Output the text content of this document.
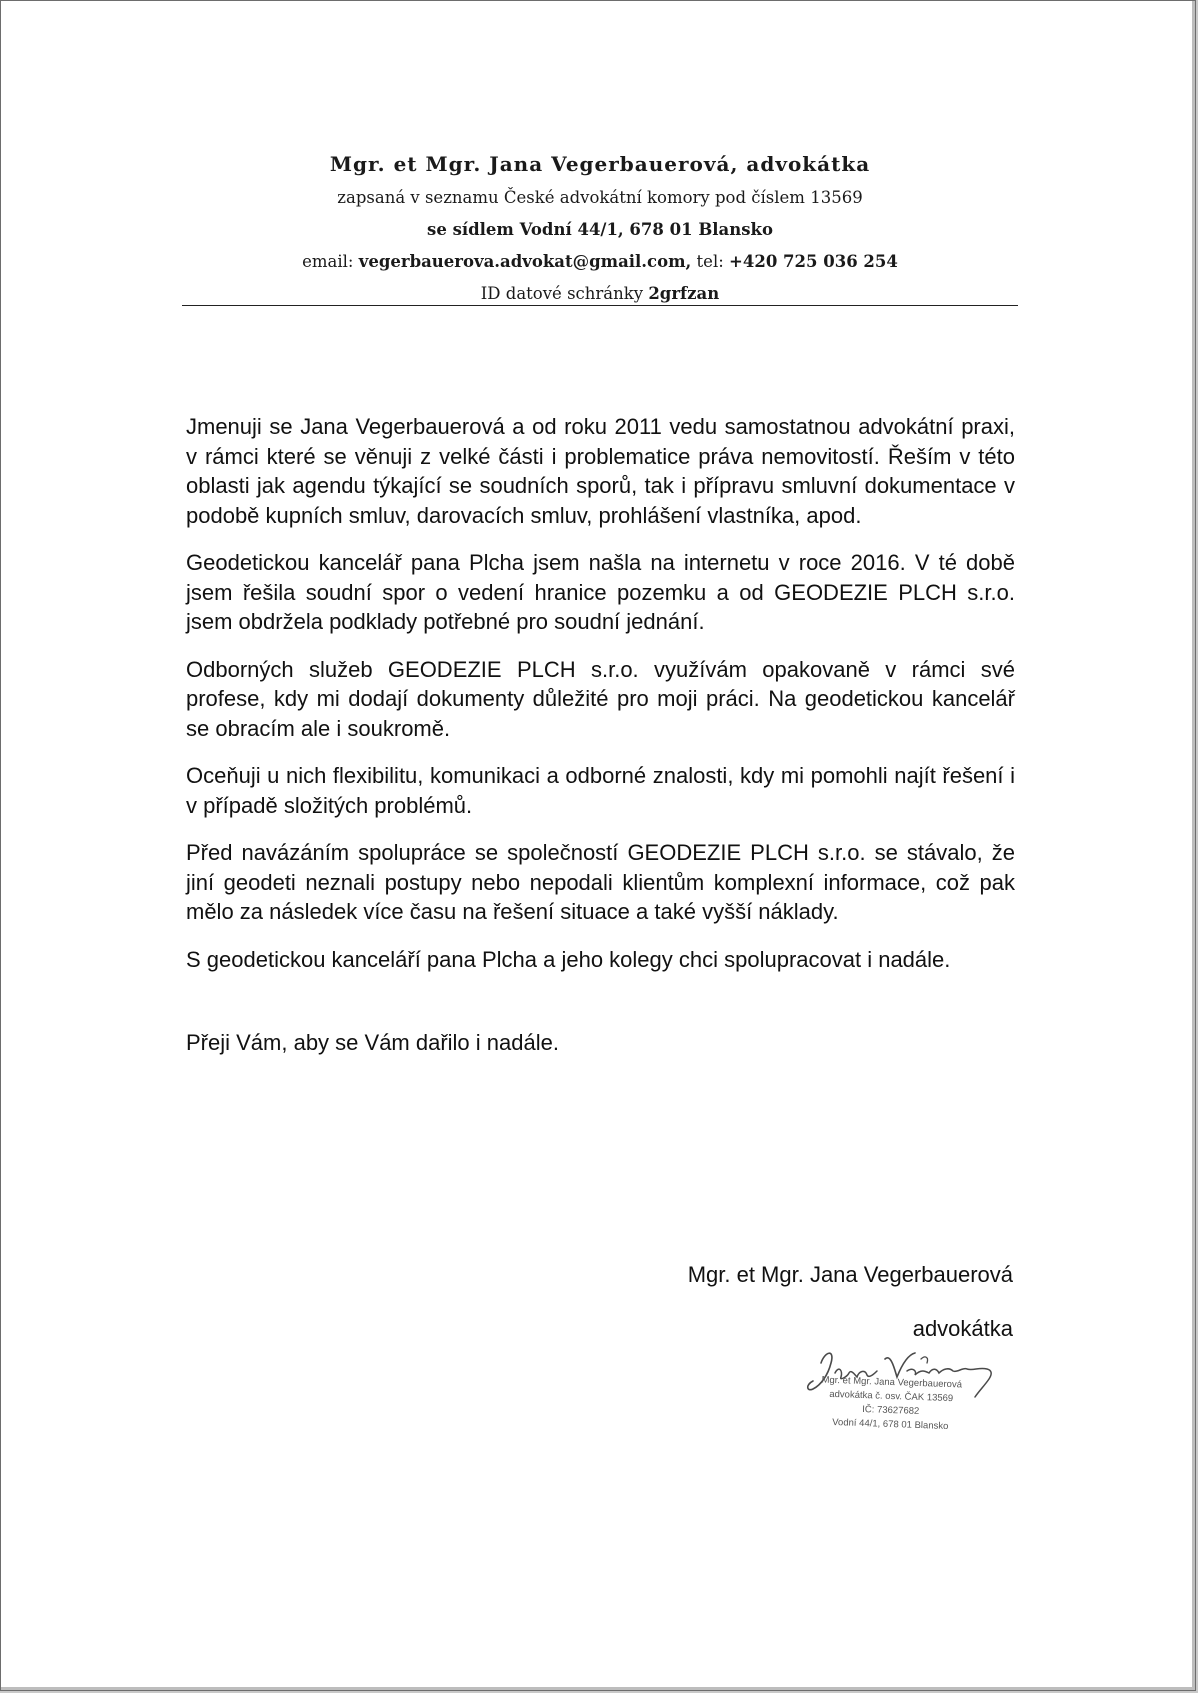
Mgr. et Mgr. Jana Vegerbauerová, advokátka
zapsaná v seznamu České advokátní komory pod číslem 13569
se sídlem Vodní 44/1, 678 01 Blansko
email: vegerbauerova.advokat@gmail.com, tel: +420 725 036 254
ID datové schránky 2grfzan

Jmenuji se Jana Vegerbauerová a od roku 2011 vedu samostatnou advokátní praxi, v rámci které se věnuji z velké části i problematice práva nemovitostí. Řeším v této oblasti jak agendu týkající se soudních sporů, tak i přípravu smluvní dokumentace v podobě kupních smluv, darovacích smluv, prohlášení vlastníka, apod.

Geodetickou kancelář pana Plcha jsem našla na internetu v roce 2016. V té době jsem řešila soudní spor o vedení hranice pozemku a od GEODEZIE PLCH s.r.o. jsem obdržela podklady potřebné pro soudní jednání.

Odborných služeb GEODEZIE PLCH s.r.o. využívám opakovaně v rámci své profese, kdy mi dodají dokumenty důležité pro moji práci. Na geodetickou kancelář se obracím ale i soukromě.

Oceňuji u nich flexibilitu, komunikaci a odborné znalosti, kdy mi pomohli najít řešení i v případě složitých problémů.

Před navázáním spolupráce se společností GEODEZIE PLCH s.r.o. se stávalo, že jiní geodeti neznali postupy nebo nepodali klientům komplexní informace, což pak mělo za následek více času na řešení situace a také vyšší náklady.

S geodetickou kanceláří pana Plcha a jeho kolegy chci spolupracovat i nadále.

Přeji Vám, aby se Vám dařilo i nadále.

Mgr. et Mgr. Jana Vegerbauerová
advokátka
Mgr. et Mgr. Jana Vegerbauerová
advokátka č. osv. ČAK 13569
IČ: 73627682
Vodní 44/1, 678 01 Blansko
